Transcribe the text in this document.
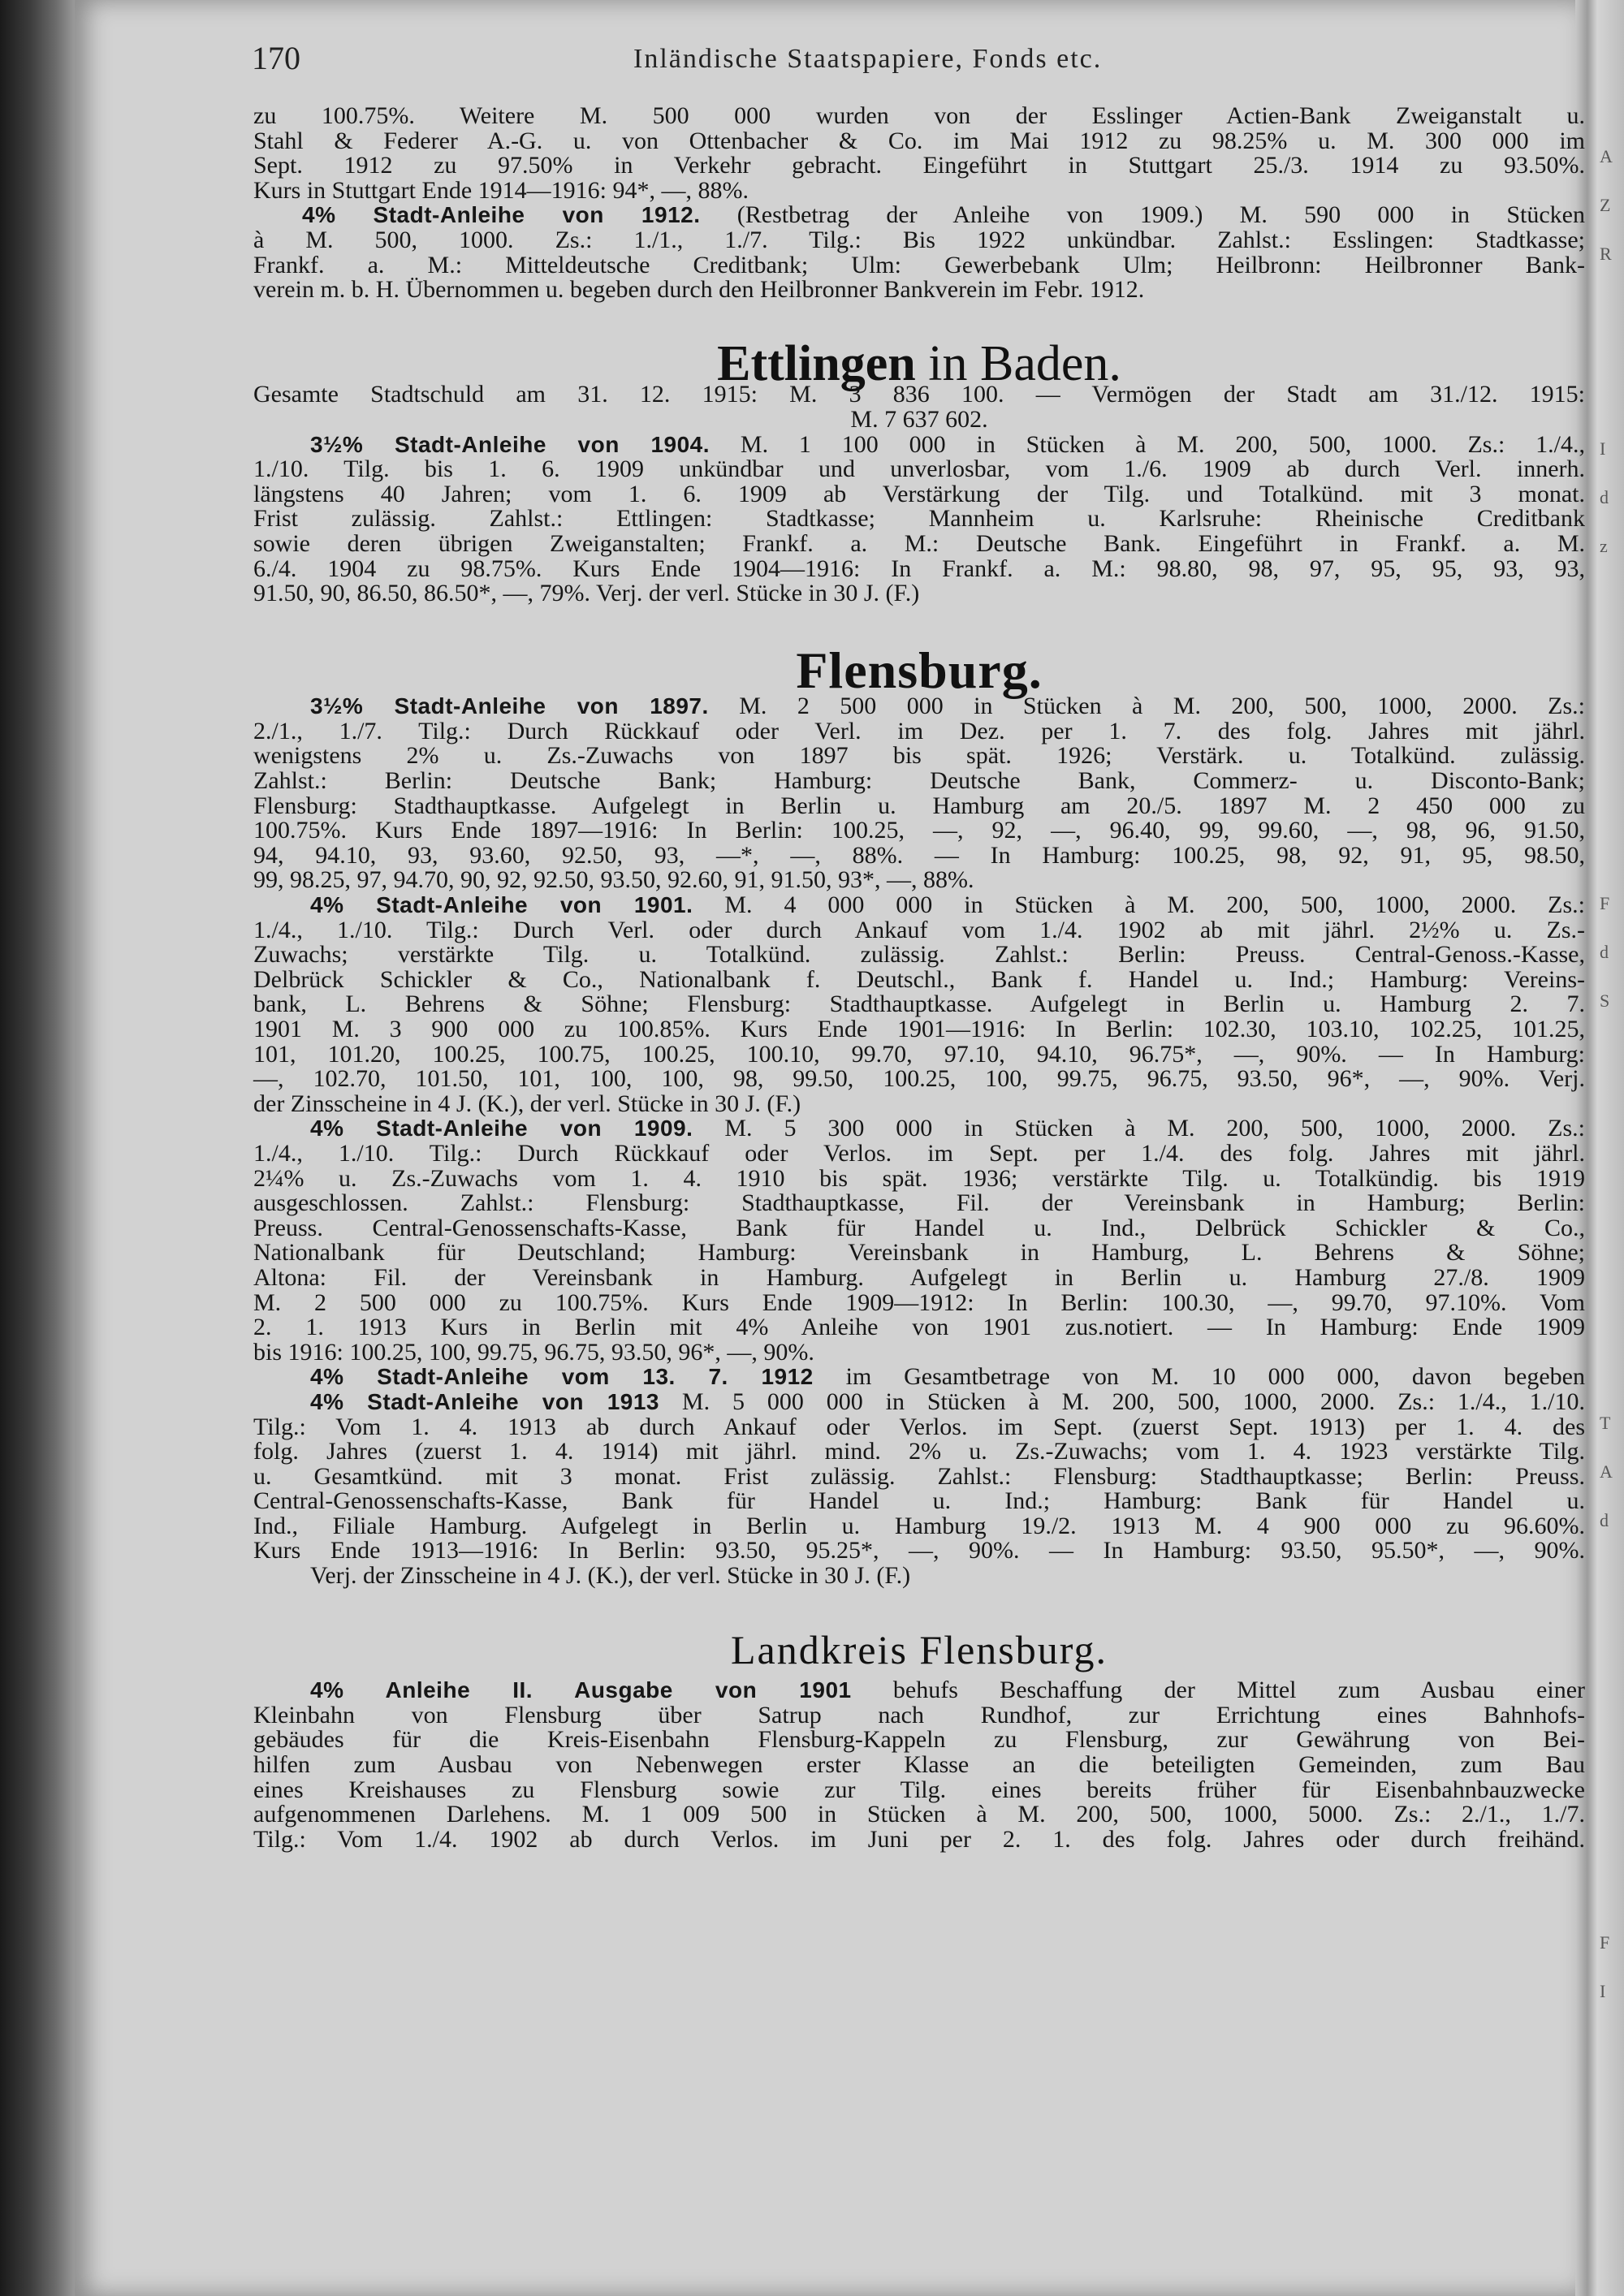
A
Z
R
I
d
z
F
d
S
T
A
d
F
I
170	Inländische Staatspapiere, Fonds etc.

zu 100.75%. Weitere M. 500 000 wurden von der Esslinger Actien-Bank Zweiganstalt u.

Stahl & Federer A.-G. u. von Ottenbacher & Co. im Mai 1912 zu 98.25% u. M. 300 000 im

Sept. 1912 zu 97.50% in Verkehr gebracht. Eingeführt in Stuttgart 25./3. 1914 zu 93.50%.

Kurs in Stuttgart Ende 1914—1916: 94*, —, 88%.

4% Stadt-Anleihe von 1912. (Restbetrag der Anleihe von 1909.) M. 590 000 in Stücken

à M. 500, 1000. Zs.: 1./1., 1./7. Tilg.: Bis 1922 unkündbar. Zahlst.: Esslingen: Stadtkasse;

Frankf. a. M.: Mitteldeutsche Creditbank; Ulm: Gewerbebank Ulm; Heilbronn: Heilbronner Bank-

verein m. b. H. Übernommen u. begeben durch den Heilbronner Bankverein im Febr. 1912.

Ettlingen in Baden.

Gesamte Stadtschuld am 31. 12. 1915: M. 3 836 100. — Vermögen der Stadt am 31./12. 1915:

M. 7 637 602.

3½% Stadt-Anleihe von 1904. M. 1 100 000 in Stücken à M. 200, 500, 1000. Zs.: 1./4.,

1./10. Tilg. bis 1. 6. 1909 unkündbar und unverlosbar, vom 1./6. 1909 ab durch Verl. innerh.

längstens 40 Jahren; vom 1. 6. 1909 ab Verstärkung der Tilg. und Totalkünd. mit 3 monat.

Frist zulässig. Zahlst.: Ettlingen: Stadtkasse; Mannheim u. Karlsruhe: Rheinische Creditbank

sowie deren übrigen Zweiganstalten; Frankf. a. M.: Deutsche Bank. Eingeführt in Frankf. a. M.

6./4. 1904 zu 98.75%. Kurs Ende 1904—1916: In Frankf. a. M.: 98.80, 98, 97, 95, 95, 93, 93,

91.50, 90, 86.50, 86.50*, —, 79%. Verj. der verl. Stücke in 30 J. (F.)

Flensburg.

3½% Stadt-Anleihe von 1897. M. 2 500 000 in Stücken à M. 200, 500, 1000, 2000. Zs.:

2./1., 1./7. Tilg.: Durch Rückkauf oder Verl. im Dez. per 1. 7. des folg. Jahres mit jährl.

wenigstens 2% u. Zs.-Zuwachs von 1897 bis spät. 1926; Verstärk. u. Totalkünd. zulässig.

Zahlst.: Berlin: Deutsche Bank; Hamburg: Deutsche Bank, Commerz- u. Disconto-Bank;

Flensburg: Stadthauptkasse. Aufgelegt in Berlin u. Hamburg am 20./5. 1897 M. 2 450 000 zu

100.75%. Kurs Ende 1897—1916: In Berlin: 100.25, —, 92, —, 96.40, 99, 99.60, —, 98, 96, 91.50,

94, 94.10, 93, 93.60, 92.50, 93, —*, —, 88%. — In Hamburg: 100.25, 98, 92, 91, 95, 98.50,

99, 98.25, 97, 94.70, 90, 92, 92.50, 93.50, 92.60, 91, 91.50, 93*, —, 88%.

4% Stadt-Anleihe von 1901. M. 4 000 000 in Stücken à M. 200, 500, 1000, 2000. Zs.:

1./4., 1./10. Tilg.: Durch Verl. oder durch Ankauf vom 1./4. 1902 ab mit jährl. 2½% u. Zs.-

Zuwachs; verstärkte Tilg. u. Totalkünd. zulässig. Zahlst.: Berlin: Preuss. Central-Genoss.-Kasse,

Delbrück Schickler & Co., Nationalbank f. Deutschl., Bank f. Handel u. Ind.; Hamburg: Vereins-

bank, L. Behrens & Söhne; Flensburg: Stadthauptkasse. Aufgelegt in Berlin u. Hamburg 2. 7.

1901 M. 3 900 000 zu 100.85%. Kurs Ende 1901—1916: In Berlin: 102.30, 103.10, 102.25, 101.25,

101, 101.20, 100.25, 100.75, 100.25, 100.10, 99.70, 97.10, 94.10, 96.75*, —, 90%. — In Hamburg:

—, 102.70, 101.50, 101, 100, 100, 98, 99.50, 100.25, 100, 99.75, 96.75, 93.50, 96*, —, 90%. Verj.

der Zinsscheine in 4 J. (K.), der verl. Stücke in 30 J. (F.)

4% Stadt-Anleihe von 1909. M. 5 300 000 in Stücken à M. 200, 500, 1000, 2000. Zs.:

1./4., 1./10. Tilg.: Durch Rückkauf oder Verlos. im Sept. per 1./4. des folg. Jahres mit jährl.

2¼% u. Zs.-Zuwachs vom 1. 4. 1910 bis spät. 1936; verstärkte Tilg. u. Totalkündig. bis 1919

ausgeschlossen. Zahlst.: Flensburg: Stadthauptkasse, Fil. der Vereinsbank in Hamburg; Berlin:

Preuss. Central-Genossenschafts-Kasse, Bank für Handel u. Ind., Delbrück Schickler & Co.,

Nationalbank für Deutschland; Hamburg: Vereinsbank in Hamburg, L. Behrens & Söhne;

Altona: Fil. der Vereinsbank in Hamburg. Aufgelegt in Berlin u. Hamburg 27./8. 1909

M. 2 500 000 zu 100.75%. Kurs Ende 1909—1912: In Berlin: 100.30, —, 99.70, 97.10%. Vom

2. 1. 1913 Kurs in Berlin mit 4% Anleihe von 1901 zus.notiert. — In Hamburg: Ende 1909

bis 1916: 100.25, 100, 99.75, 96.75, 93.50, 96*, —, 90%.

4% Stadt-Anleihe vom 13. 7. 1912 im Gesamtbetrage von M. 10 000 000, davon begeben

4% Stadt-Anleihe von 1913 M. 5 000 000 in Stücken à M. 200, 500, 1000, 2000. Zs.: 1./4., 1./10.

Tilg.: Vom 1. 4. 1913 ab durch Ankauf oder Verlos. im Sept. (zuerst Sept. 1913) per 1. 4. des

folg. Jahres (zuerst 1. 4. 1914) mit jährl. mind. 2% u. Zs.-Zuwachs; vom 1. 4. 1923 verstärkte Tilg.

u. Gesamtkünd. mit 3 monat. Frist zulässig. Zahlst.: Flensburg: Stadthauptkasse; Berlin: Preuss.

Central-Genossenschafts-Kasse, Bank für Handel u. Ind.; Hamburg: Bank für Handel u.

Ind., Filiale Hamburg. Aufgelegt in Berlin u. Hamburg 19./2. 1913 M. 4 900 000 zu 96.60%.

Kurs Ende 1913—1916: In Berlin: 93.50, 95.25*, —, 90%. — In Hamburg: 93.50, 95.50*, —, 90%.

Verj. der Zinsscheine in 4 J. (K.), der verl. Stücke in 30 J. (F.)

Landkreis Flensburg.

4% Anleihe II. Ausgabe von 1901 behufs Beschaffung der Mittel zum Ausbau einer

Kleinbahn von Flensburg über Satrup nach Rundhof, zur Errichtung eines Bahnhofs-

gebäudes für die Kreis-Eisenbahn Flensburg-Kappeln zu Flensburg, zur Gewährung von Bei-

hilfen zum Ausbau von Nebenwegen erster Klasse an die beteiligten Gemeinden, zum Bau

eines Kreishauses zu Flensburg sowie zur Tilg. eines bereits früher für Eisenbahnbauzwecke

aufgenommenen Darlehens. M. 1 009 500 in Stücken à M. 200, 500, 1000, 5000. Zs.: 2./1., 1./7.

Tilg.: Vom 1./4. 1902 ab durch Verlos. im Juni per 2. 1. des folg. Jahres oder durch freihänd.
